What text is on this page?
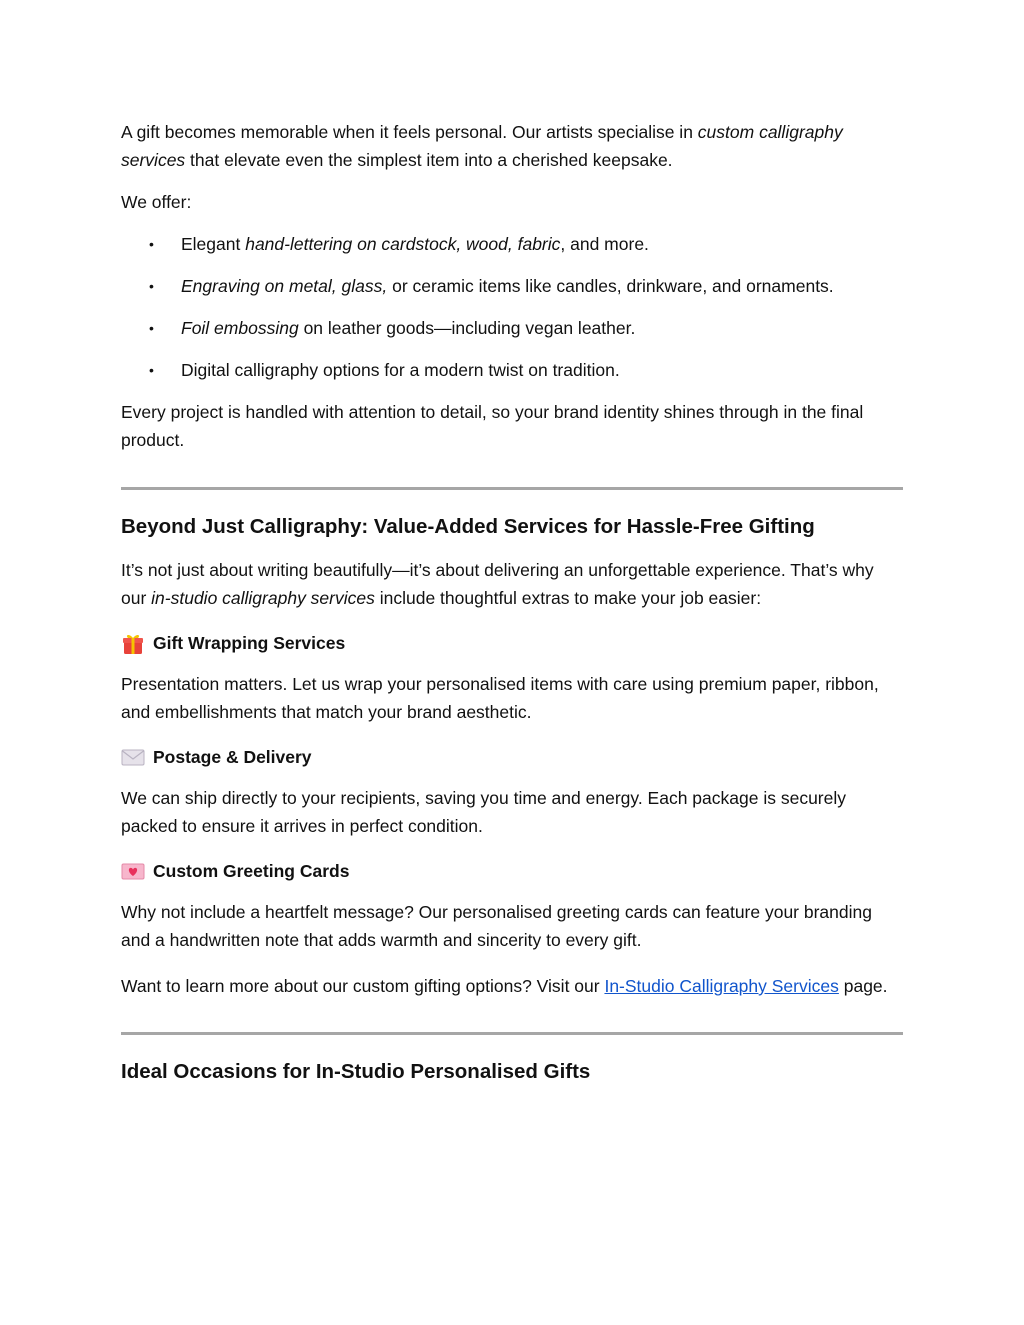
A gift becomes memorable when it feels personal. Our artists specialise in custom calligraphy services that elevate even the simplest item into a cherished keepsake.

We offer:

• Elegant hand-lettering on cardstock, wood, fabric, and more.
• Engraving on metal, glass, or ceramic items like candles, drinkware, and ornaments.
• Foil embossing on leather goods—including vegan leather.
• Digital calligraphy options for a modern twist on tradition.

Every project is handled with attention to detail, so your brand identity shines through in the final product.

Beyond Just Calligraphy: Value-Added Services for Hassle-Free Gifting

It’s not just about writing beautifully—it’s about delivering an unforgettable experience. That’s why our in-studio calligraphy services include thoughtful extras to make your job easier:

Gift Wrapping Services

Presentation matters. Let us wrap your personalised items with care using premium paper, ribbon, and embellishments that match your brand aesthetic.

Postage & Delivery

We can ship directly to your recipients, saving you time and energy. Each package is securely packed to ensure it arrives in perfect condition.

Custom Greeting Cards

Why not include a heartfelt message? Our personalised greeting cards can feature your branding and a handwritten note that adds warmth and sincerity to every gift.

Want to learn more about our custom gifting options? Visit our In-Studio Calligraphy Services page.

Ideal Occasions for In-Studio Personalised Gifts
